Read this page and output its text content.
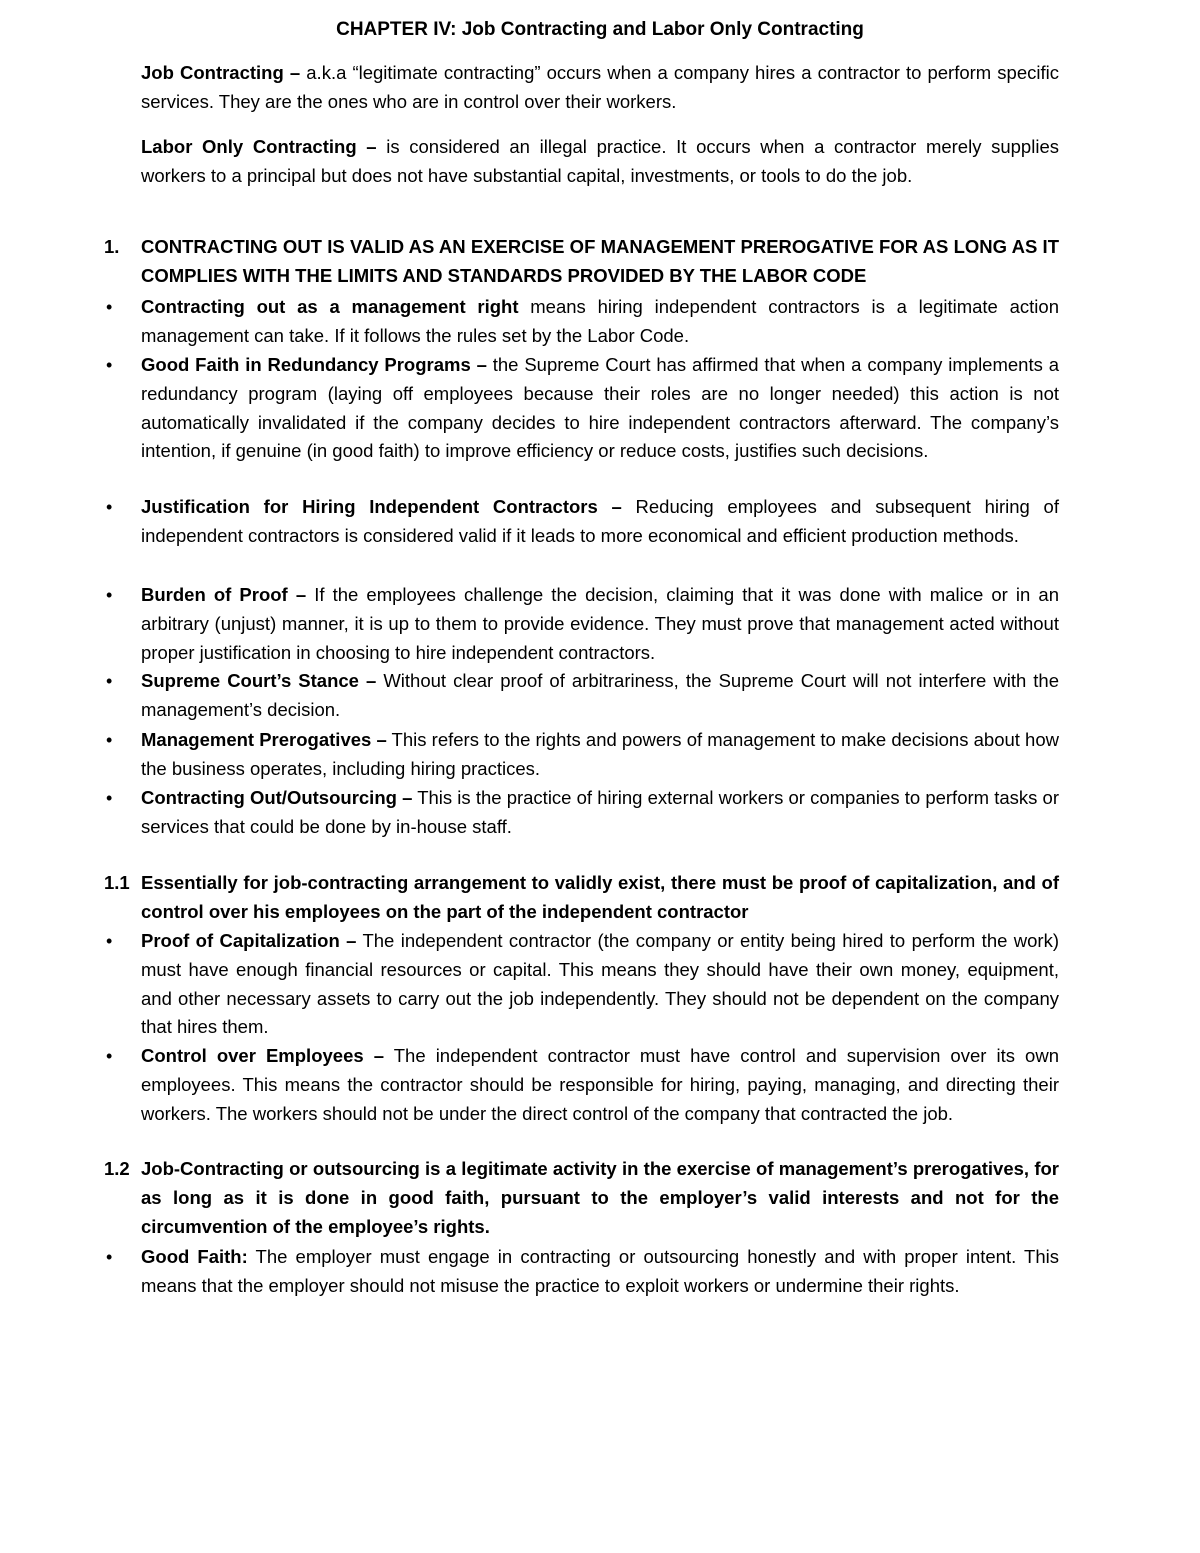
CHAPTER IV: Job Contracting and Labor Only Contracting
Job Contracting – a.k.a “legitimate contracting” occurs when a company hires a contractor to perform specific services. They are the ones who are in control over their workers.
Labor Only Contracting – is considered an illegal practice. It occurs when a contractor merely supplies workers to a principal but does not have substantial capital, investments, or tools to do the job.
1.	CONTRACTING OUT IS VALID AS AN EXERCISE OF MANAGEMENT PREROGATIVE FOR AS LONG AS IT COMPLIES WITH THE LIMITS AND STANDARDS PROVIDED BY THE LABOR CODE
•	Contracting out as a management right means hiring independent contractors is a legitimate action management can take. If it follows the rules set by the Labor Code.
•	Good Faith in Redundancy Programs – the Supreme Court has affirmed that when a company implements a redundancy program (laying off employees because their roles are no longer needed) this action is not automatically invalidated if the company decides to hire independent contractors afterward. The company’s intention, if genuine (in good faith) to improve efficiency or reduce costs, justifies such decisions.
•	Justification for Hiring Independent Contractors – Reducing employees and subsequent hiring of independent contractors is considered valid if it leads to more economical and efficient production methods.
•	Burden of Proof – If the employees challenge the decision, claiming that it was done with malice or in an arbitrary (unjust) manner, it is up to them to provide evidence. They must prove that management acted without proper justification in choosing to hire independent contractors.
•	Supreme Court’s Stance – Without clear proof of arbitrariness, the Supreme Court will not interfere with the management’s decision.
•	Management Prerogatives – This refers to the rights and powers of management to make decisions about how the business operates, including hiring practices.
•	Contracting Out/Outsourcing – This is the practice of hiring external workers or companies to perform tasks or services that could be done by in-house staff.
1.1 Essentially for job-contracting arrangement to validly exist, there must be proof of capitalization, and of control over his employees on the part of the independent contractor
•	Proof of Capitalization – The independent contractor (the company or entity being hired to perform the work) must have enough financial resources or capital. This means they should have their own money, equipment, and other necessary assets to carry out the job independently. They should not be dependent on the company that hires them.
•	Control over Employees – The independent contractor must have control and supervision over its own employees. This means the contractor should be responsible for hiring, paying, managing, and directing their workers. The workers should not be under the direct control of the company that contracted the job.
1.2 Job-Contracting or outsourcing is a legitimate activity in the exercise of management’s prerogatives, for as long as it is done in good faith, pursuant to the employer’s valid interests and not for the circumvention of the employee’s rights.
•	Good Faith: The employer must engage in contracting or outsourcing honestly and with proper intent. This means that the employer should not misuse the practice to exploit workers or undermine their rights.
